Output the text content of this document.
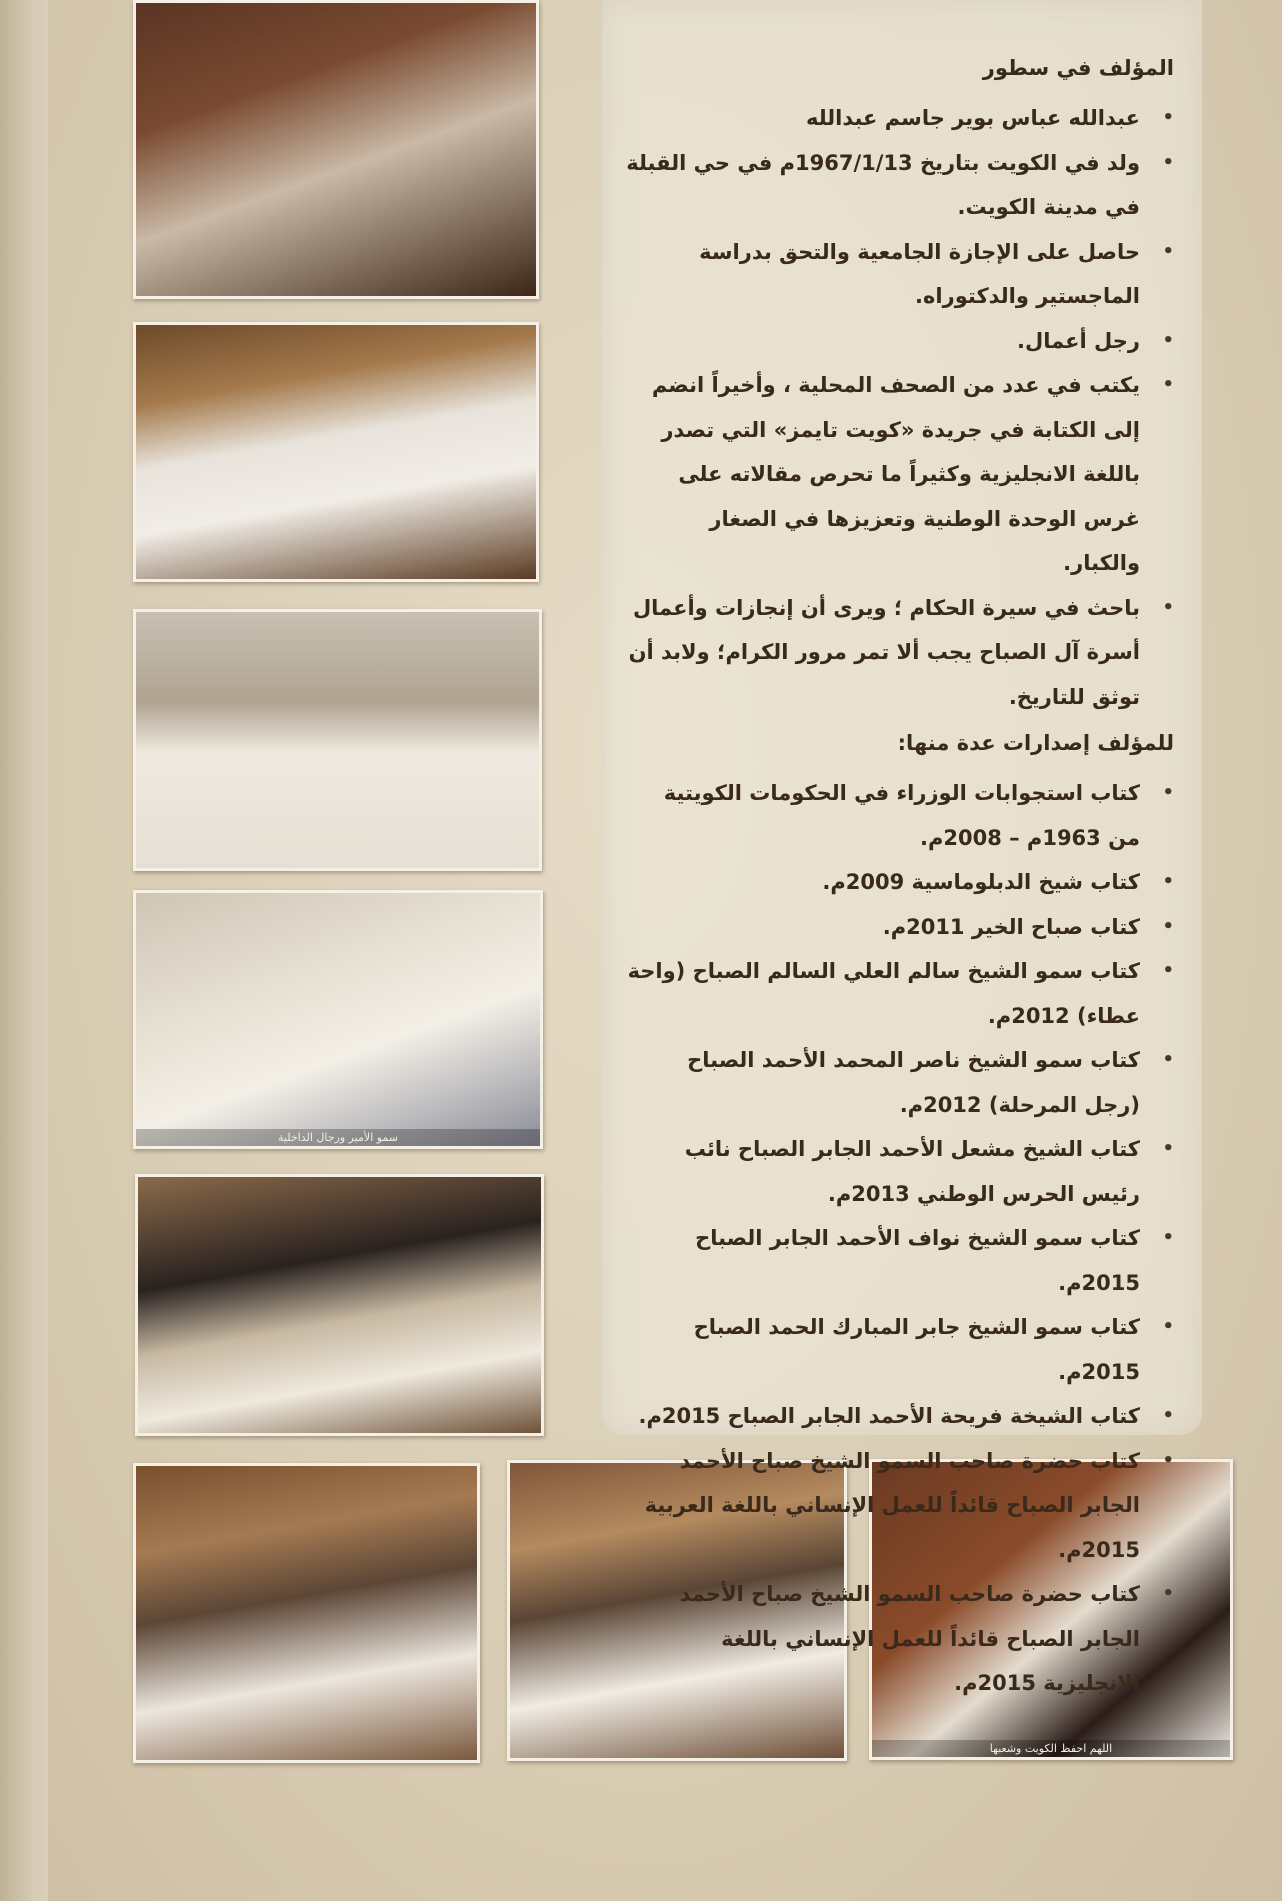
سمو الأمير ورجال الداخلية
اللهم احفظ الكويت وشعبها
المؤلف في سطور
• عبدالله عباس بوير جاسم عبدالله
• ولد في الكويت بتاريخ 1967/1/13م في حي القبلة في مدينة الكويت.
• حاصل على الإجازة الجامعية والتحق بدراسة الماجستير والدكتوراه.
• رجل أعمال.
• يكتب في عدد من الصحف المحلية ، وأخيراً انضم إلى الكتابة في جريدة «كويت تايمز» التي تصدر باللغة الانجليزية وكثيراً ما تحرص مقالاته على غرس الوحدة الوطنية وتعزيزها في الصغار والكبار.
• باحث في سيرة الحكام ؛ ويرى أن إنجازات وأعمال أسرة آل الصباح يجب ألا تمر مرور الكرام؛ ولابد أن توثق للتاريخ.
للمؤلف إصدارات عدة منها:
• كتاب استجوابات الوزراء في الحكومات الكويتية من 1963م – 2008م.
• كتاب شيخ الدبلوماسية 2009م.
• كتاب صباح الخير 2011م.
• كتاب سمو الشيخ سالم العلي السالم الصباح (واحة عطاء) 2012م.
• كتاب سمو الشيخ ناصر المحمد الأحمد الصباح (رجل المرحلة) 2012م.
• كتاب الشيخ مشعل الأحمد الجابر الصباح نائب رئيس الحرس الوطني 2013م.
• كتاب سمو الشيخ نواف الأحمد الجابر الصباح 2015م.
• كتاب سمو الشيخ جابر المبارك الحمد الصباح 2015م.
• كتاب الشيخة فريحة الأحمد الجابر الصباح 2015م.
• كتاب حضرة صاحب السمو الشيخ صباح الأحمد الجابر الصباح قائداً للعمل الإنساني باللغة العربية 2015م.
• كتاب حضرة صاحب السمو الشيخ صباح الأحمد الجابر الصباح قائداً للعمل الإنساني باللغة الانجليزية 2015م.
